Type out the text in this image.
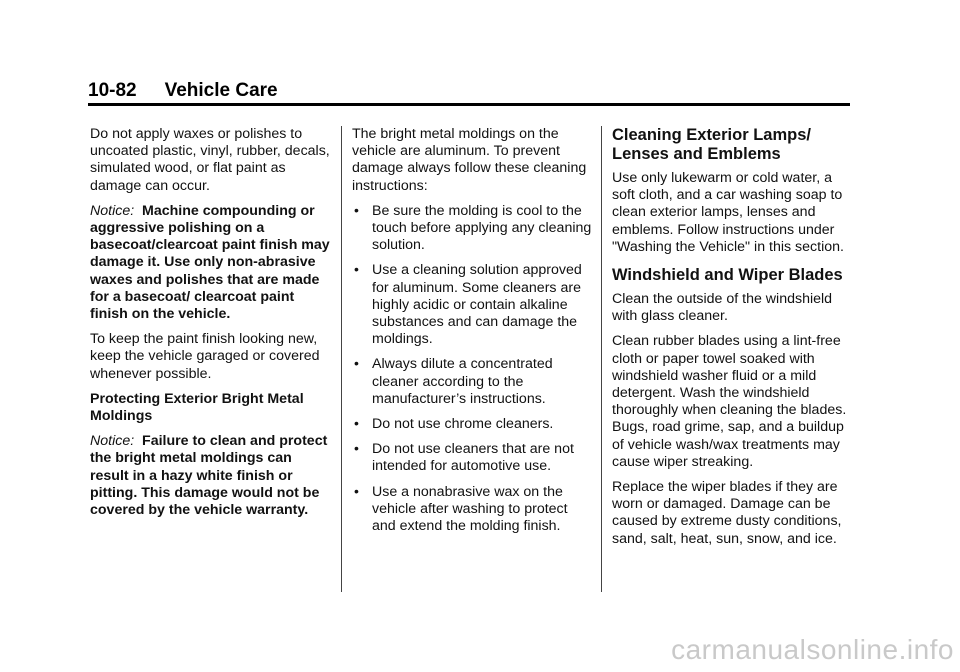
10-82 Vehicle Care

Do not apply waxes or polishes to uncoated plastic, vinyl, rubber, decals, simulated wood, or flat paint as damage can occur.

Notice: Machine compounding or aggressive polishing on a basecoat/clearcoat paint finish may damage it. Use only non-abrasive waxes and polishes that are made for a basecoat/ clearcoat paint finish on the vehicle.

To keep the paint finish looking new, keep the vehicle garaged or covered whenever possible.

Protecting Exterior Bright Metal Moldings

Notice: Failure to clean and protect the bright metal moldings can result in a hazy white finish or pitting. This damage would not be covered by the vehicle warranty.

The bright metal moldings on the vehicle are aluminum. To prevent damage always follow these cleaning instructions:

• Be sure the molding is cool to the touch before applying any cleaning solution.
• Use a cleaning solution approved for aluminum. Some cleaners are highly acidic or contain alkaline substances and can damage the moldings.
• Always dilute a concentrated cleaner according to the manufacturer’s instructions.
• Do not use chrome cleaners.
• Do not use cleaners that are not intended for automotive use.
• Use a nonabrasive wax on the vehicle after washing to protect and extend the molding finish.
Cleaning Exterior Lamps/ Lenses and Emblems

Use only lukewarm or cold water, a soft cloth, and a car washing soap to clean exterior lamps, lenses and emblems. Follow instructions under "Washing the Vehicle" in this section.

Windshield and Wiper Blades

Clean the outside of the windshield with glass cleaner.

Clean rubber blades using a lint-free cloth or paper towel soaked with windshield washer fluid or a mild detergent. Wash the windshield thoroughly when cleaning the blades. Bugs, road grime, sap, and a buildup of vehicle wash/wax treatments may cause wiper streaking.

Replace the wiper blades if they are worn or damaged. Damage can be caused by extreme dusty conditions, sand, salt, heat, sun, snow, and ice.

carmanualsonline.info
